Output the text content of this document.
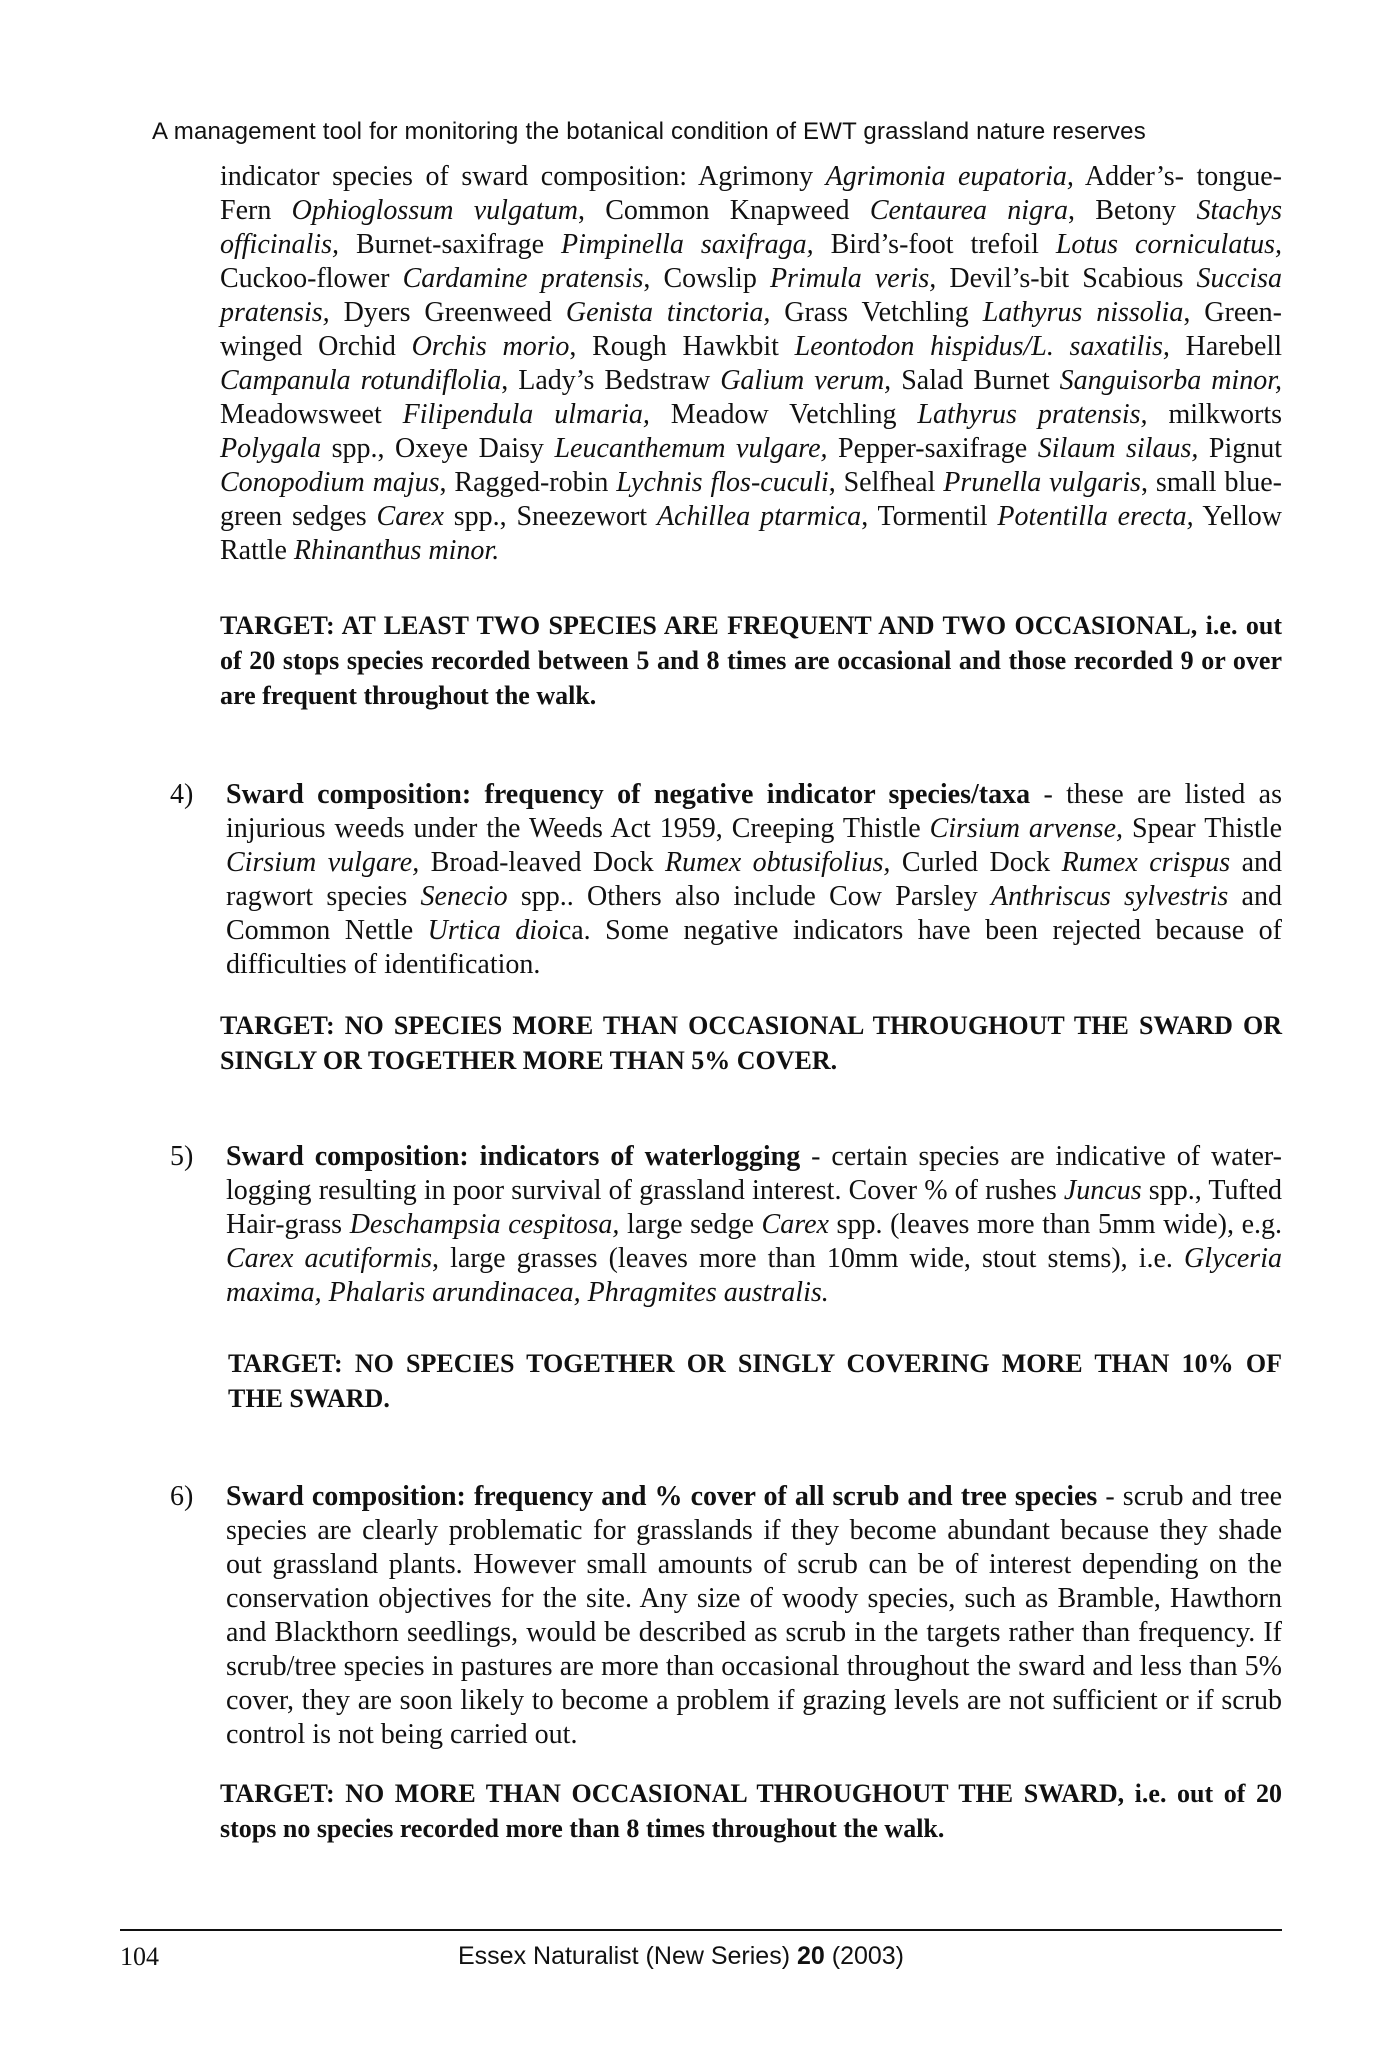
A management tool for monitoring the botanical condition of EWT grassland nature reserves
indicator species of sward composition: Agrimony Agrimonia eupatoria, Adder’s- tongue-Fern Ophioglossum vulgatum, Common Knapweed Centaurea nigra, Betony Stachys officinalis, Burnet-saxifrage Pimpinella saxifraga, Bird’s-foot trefoil Lotus corniculatus, Cuckoo-flower Cardamine pratensis, Cowslip Primula veris, Devil’s-bit Scabious Succisa pratensis, Dyers Greenweed Genista tinctoria, Grass Vetchling Lathyrus nissolia, Green-winged Orchid Orchis morio, Rough Hawkbit Leontodon hispidus/L. saxatilis, Harebell Campanula rotundiflolia, Lady’s Bedstraw Galium verum, Salad Burnet Sanguisorba minor, Meadowsweet Filipendula ulmaria, Meadow Vetchling Lathyrus pratensis, milkworts Polygala spp., Oxeye Daisy Leucanthemum vulgare, Pepper-saxifrage Silaum silaus, Pignut Conopodium majus, Ragged-robin Lychnis flos-cuculi, Selfheal Prunella vulgaris, small blue-green sedges Carex spp., Sneezewort Achillea ptarmica, Tormentil Potentilla erecta, Yellow Rattle Rhinanthus minor.
TARGET: AT LEAST TWO SPECIES ARE FREQUENT AND TWO OCCASIONAL, i.e. out of 20 stops species recorded between 5 and 8 times are occasional and those recorded 9 or over are frequent throughout the walk.
4)	Sward composition: frequency of negative indicator species/taxa - these are listed as injurious weeds under the Weeds Act 1959, Creeping Thistle Cirsium arvense, Spear Thistle Cirsium vulgare, Broad-leaved Dock Rumex obtusifolius, Curled Dock Rumex crispus and ragwort species Senecio spp.. Others also include Cow Parsley Anthriscus sylvestris and Common Nettle Urtica dioica. Some negative indicators have been rejected because of difficulties of identification.
TARGET: NO SPECIES MORE THAN OCCASIONAL THROUGHOUT THE SWARD OR SINGLY OR TOGETHER MORE THAN 5% COVER.
5)	Sward composition: indicators of waterlogging - certain species are indicative of water-logging resulting in poor survival of grassland interest. Cover % of rushes Juncus spp., Tufted Hair-grass Deschampsia cespitosa, large sedge Carex spp. (leaves more than 5mm wide), e.g. Carex acutiformis, large grasses (leaves more than 10mm wide, stout stems), i.e. Glyceria maxima, Phalaris arundinacea, Phragmites australis.
TARGET: NO SPECIES TOGETHER OR SINGLY COVERING MORE THAN 10% OF THE SWARD.
6)	Sward composition: frequency and % cover of all scrub and tree species - scrub and tree species are clearly problematic for grasslands if they become abundant because they shade out grassland plants. However small amounts of scrub can be of interest depending on the conservation objectives for the site. Any size of woody species, such as Bramble, Hawthorn and Blackthorn seedlings, would be described as scrub in the targets rather than frequency. If scrub/tree species in pastures are more than occasional throughout the sward and less than 5% cover, they are soon likely to become a problem if grazing levels are not sufficient or if scrub control is not being carried out.
TARGET: NO MORE THAN OCCASIONAL THROUGHOUT THE SWARD, i.e. out of 20 stops no species recorded more than 8 times throughout the walk.
104	Essex Naturalist (New Series) 20 (2003)
